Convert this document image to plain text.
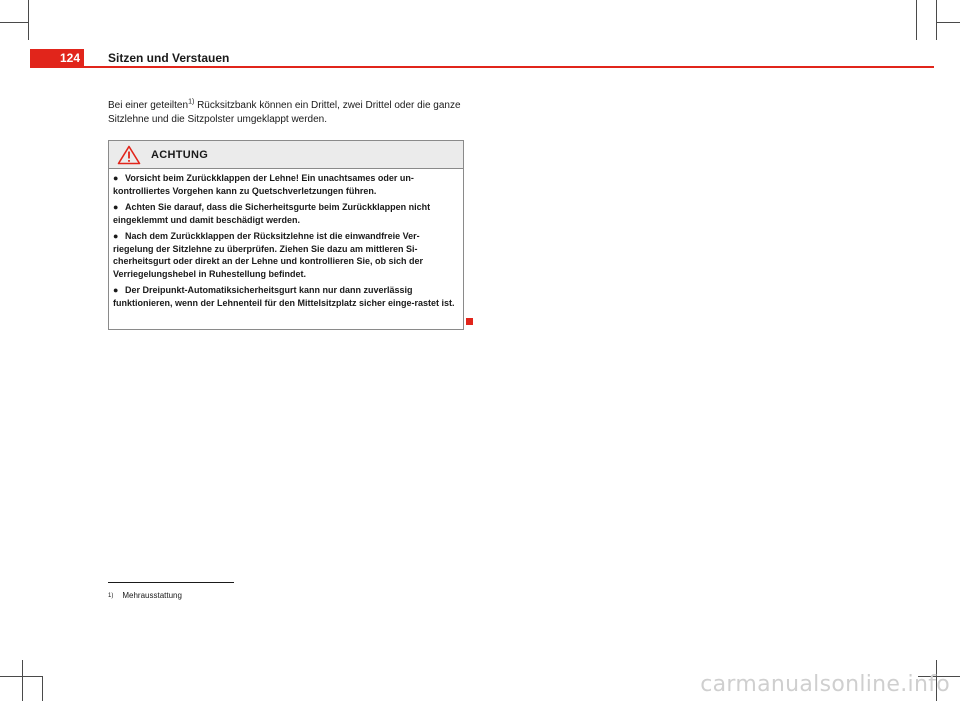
124	Sitzen und Verstauen
Bei einer geteilten$^{1)}$ Rücksitzbank können ein Drittel, zwei Drittel oder die ganze Sitzlehne und die Sitzpolster umgeklappt werden.
ACHTUNG
● Vorsicht beim Zurückklappen der Lehne! Ein unachtsames oder un-kontrolliertes Vorgehen kann zu Quetschverletzungen führen.
● Achten Sie darauf, dass die Sicherheitsgurte beim Zurückklappen nicht eingeklemmt und damit beschädigt werden.
● Nach dem Zurückklappen der Rücksitzlehne ist die einwandfreie Ver-riegelung der Sitzlehne zu überprüfen. Ziehen Sie dazu am mittleren Si-cherheitsgurt oder direkt an der Lehne und kontrollieren Sie, ob sich der Verriegelungshebel in Ruhestellung befindet.
● Der Dreipunkt-Automatiksicherheitsgurt kann nur dann zuverlässig funktionieren, wenn der Lehnenteil für den Mittelsitzplatz sicher einge-rastet ist.
$^{1)}$ Mehrausstattung
carmanualsonline.info
